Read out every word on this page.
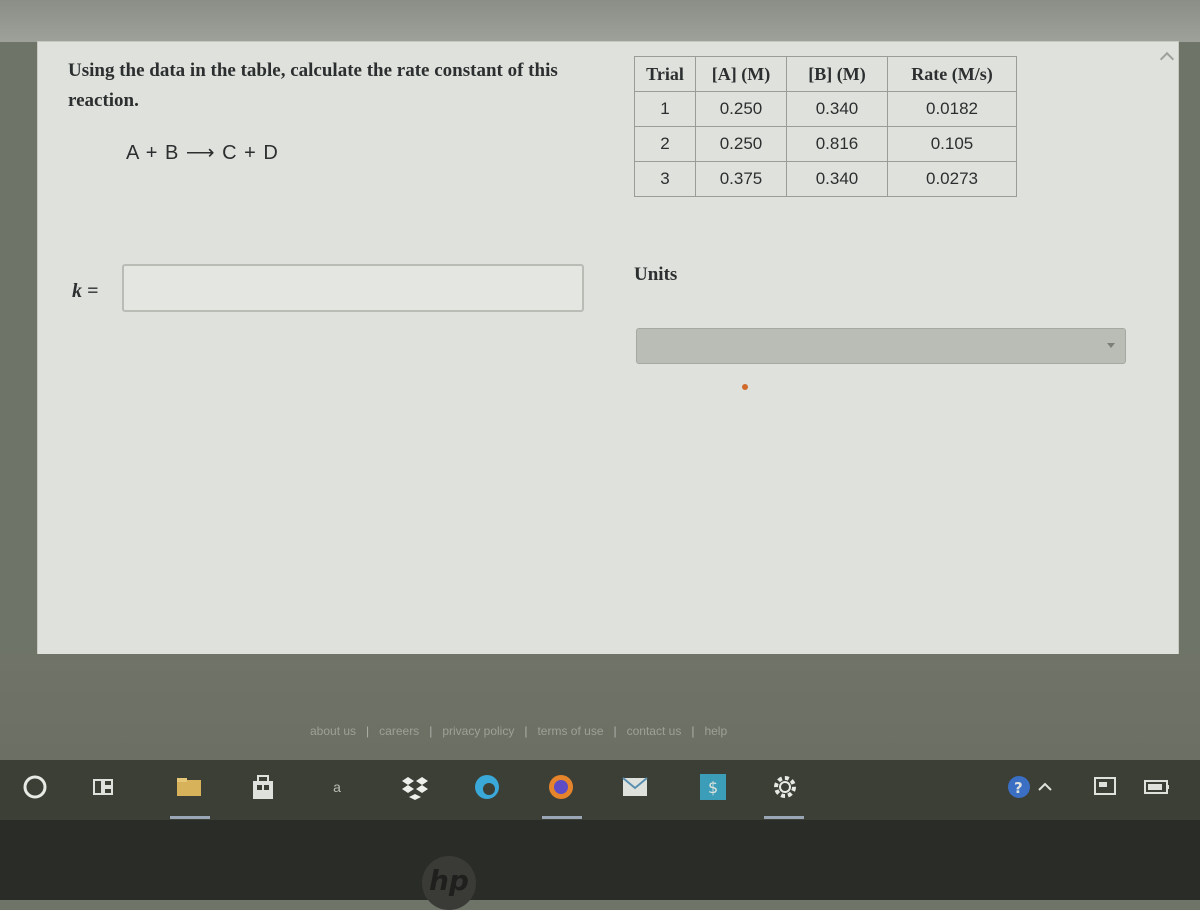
Using the data in the table, calculate the rate constant of this reaction.
A + B ⟶ C + D
Trial	[A] (M)	[B] (M)	Rate (M/s)
1	0.250	0.340	0.0182
2	0.250	0.816	0.105
3	0.375	0.340	0.0273
k =
Units
about us | careers | privacy policy | terms of use | contact us | help
a	$	?
hp
